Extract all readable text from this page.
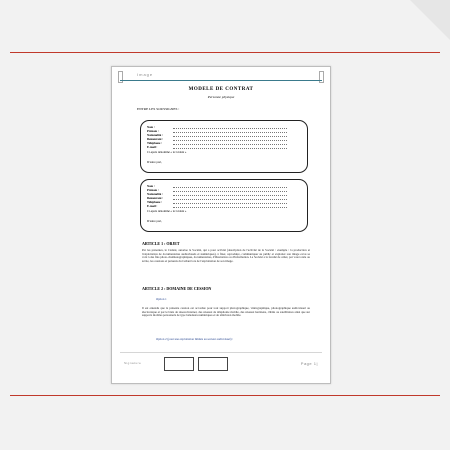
Image
MODELE DE CONTRAT
Personne physique
ENTRE LES SOUSSIGNES :
Nom :
Prénom :
Nationalité :
Demeurant :
Téléphone :
E-mail :
Ci-après dénommé « le Cédant »
D'autre part,
Nom :
Prénom :
Nationalité :
Demeurant :
Téléphone :
E-mail :
Ci-après dénommé « le Cédant »
D'autre part,
ARTICLE 1 : OBJET
Par les présentes, le Cédant, autorise la Société, qui a pour activité (description de l'activité de la Société : exemple : la production et l'exploitation de documentaires audiovisuels et numériques), à fixer, reproduire, communiquer au public et exploiter son image et/ou sa voix à des fins photo-cinématographiques, documentaires, d'illustration ou d'information. La Société a la faculté de céder, par voie totale ou écrite, les cessions et présents du Cédant lors de l'exploitation de son image.
ARTICLE 2 : DOMAINE DE CESSION
Option 1
Il est entendu que la présente cession est accordée pour tout support photographique, vidéographique, phonographique audiovisuel ou électronique et par le biais de réseau Internet, des réseaux de téléphonie mobile, des réseaux hertziens, câblés ou satellitaires ainsi que sur supports mobiles personnels de type baladeurs numériques et de télévision mobile.
Option 2 (pour une exploitation limitée au secteur audiovisuel) :
Signature	Page 1|
